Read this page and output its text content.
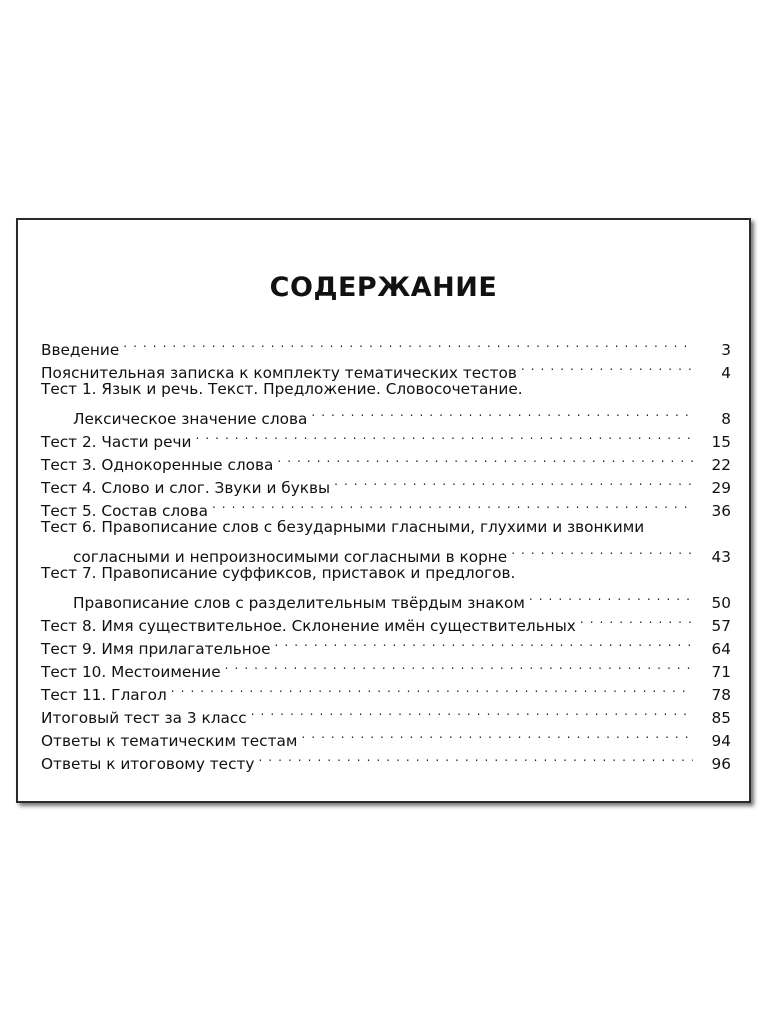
СОДЕРЖАНИЕ
Введение . . .	3
Пояснительная записка к комплекту тематических тестов . . .	4
Тест 1. Язык и речь. Текст. Предложение. Словосочетание.
Лексическое значение слова . . .	8
Тест 2. Части речи . . .	15
Тест 3. Однокоренные слова . . .	22
Тест 4. Слово и слог. Звуки и буквы . . .	29
Тест 5. Состав слова . . .	36
Тест 6. Правописание слов с безударными гласными, глухими и звонкими
согласными и непроизносимыми согласными в корне . . .	43
Тест 7. Правописание суффиксов, приставок и предлогов.
Правописание слов с разделительным твёрдым знаком . . .	50
Тест 8. Имя существительное. Склонение имён существительных . . .	57
Тест 9. Имя прилагательное . . .	64
Тест 10. Местоимение . . .	71
Тест 11. Глагол . . .	78
Итоговый тест за 3 класс . . .	85
Ответы к тематическим тестам . . .	94
Ответы к итоговому тесту . . .	96
